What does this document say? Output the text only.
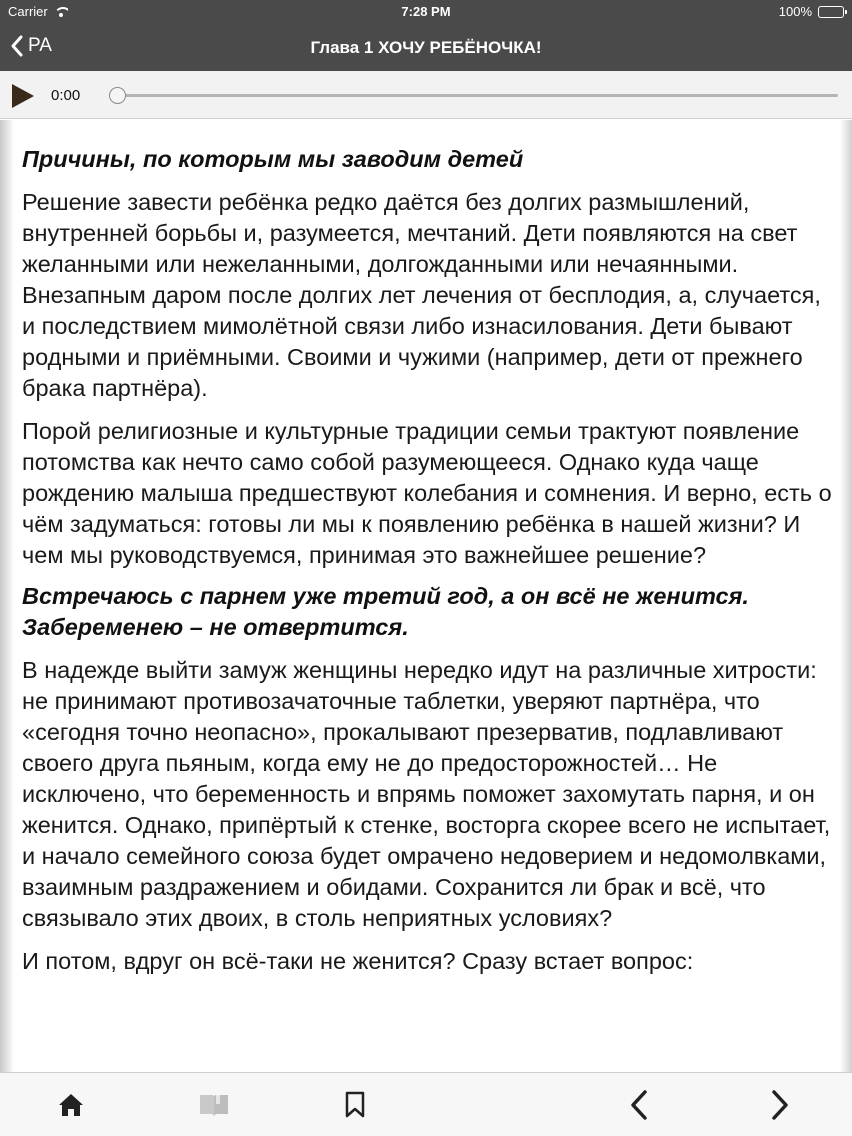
Carrier	7:28 PM	100%
PA	Глава 1 ХОЧУ РЕБЁНОЧКА!
0:00
Причины, по которым мы заводим детей
Решение завести ребёнка редко даётся без долгих размышлений, внутренней борьбы и, разумеется, мечтаний. Дети появляются на свет желанными или нежеланными, долгожданными или нечаянными. Внезапным даром после долгих лет лечения от бесплодия, а, случается, и последствием мимолётной связи либо изнасилования. Дети бывают родными и приёмными. Своими и чужими (например, дети от прежнего брака партнёра).
Порой религиозные и культурные традиции семьи трактуют появление потомства как нечто само собой разумеющееся. Однако куда чаще рождению малыша предшествуют колебания и сомнения. И верно, есть о чём задуматься: готовы ли мы к появлению ребёнка в нашей жизни? И чем мы руководствуемся, принимая это важнейшее решение?
Встречаюсь с парнем уже третий год, а он всё не женится. Забеременею – не отвертится.
В надежде выйти замуж женщины нередко идут на различные хитрости: не принимают противозачаточные таблетки, уверяют партнёра, что «сегодня точно неопасно», прокалывают презерватив, подлавливают своего друга пьяным, когда ему не до предосторожностей… Не исключено, что беременность и впрямь поможет захомутать парня, и он женится. Однако, припёртый к стенке, восторга скорее всего не испытает, и начало семейного союза будет омрачено недоверием и недомолвками, взаимным раздражением и обидами. Сохранится ли брак и всё, что связывало этих двоих, в столь неприятных условиях?
И потом, вдруг он всё-таки не женится? Сразу встает вопрос:
